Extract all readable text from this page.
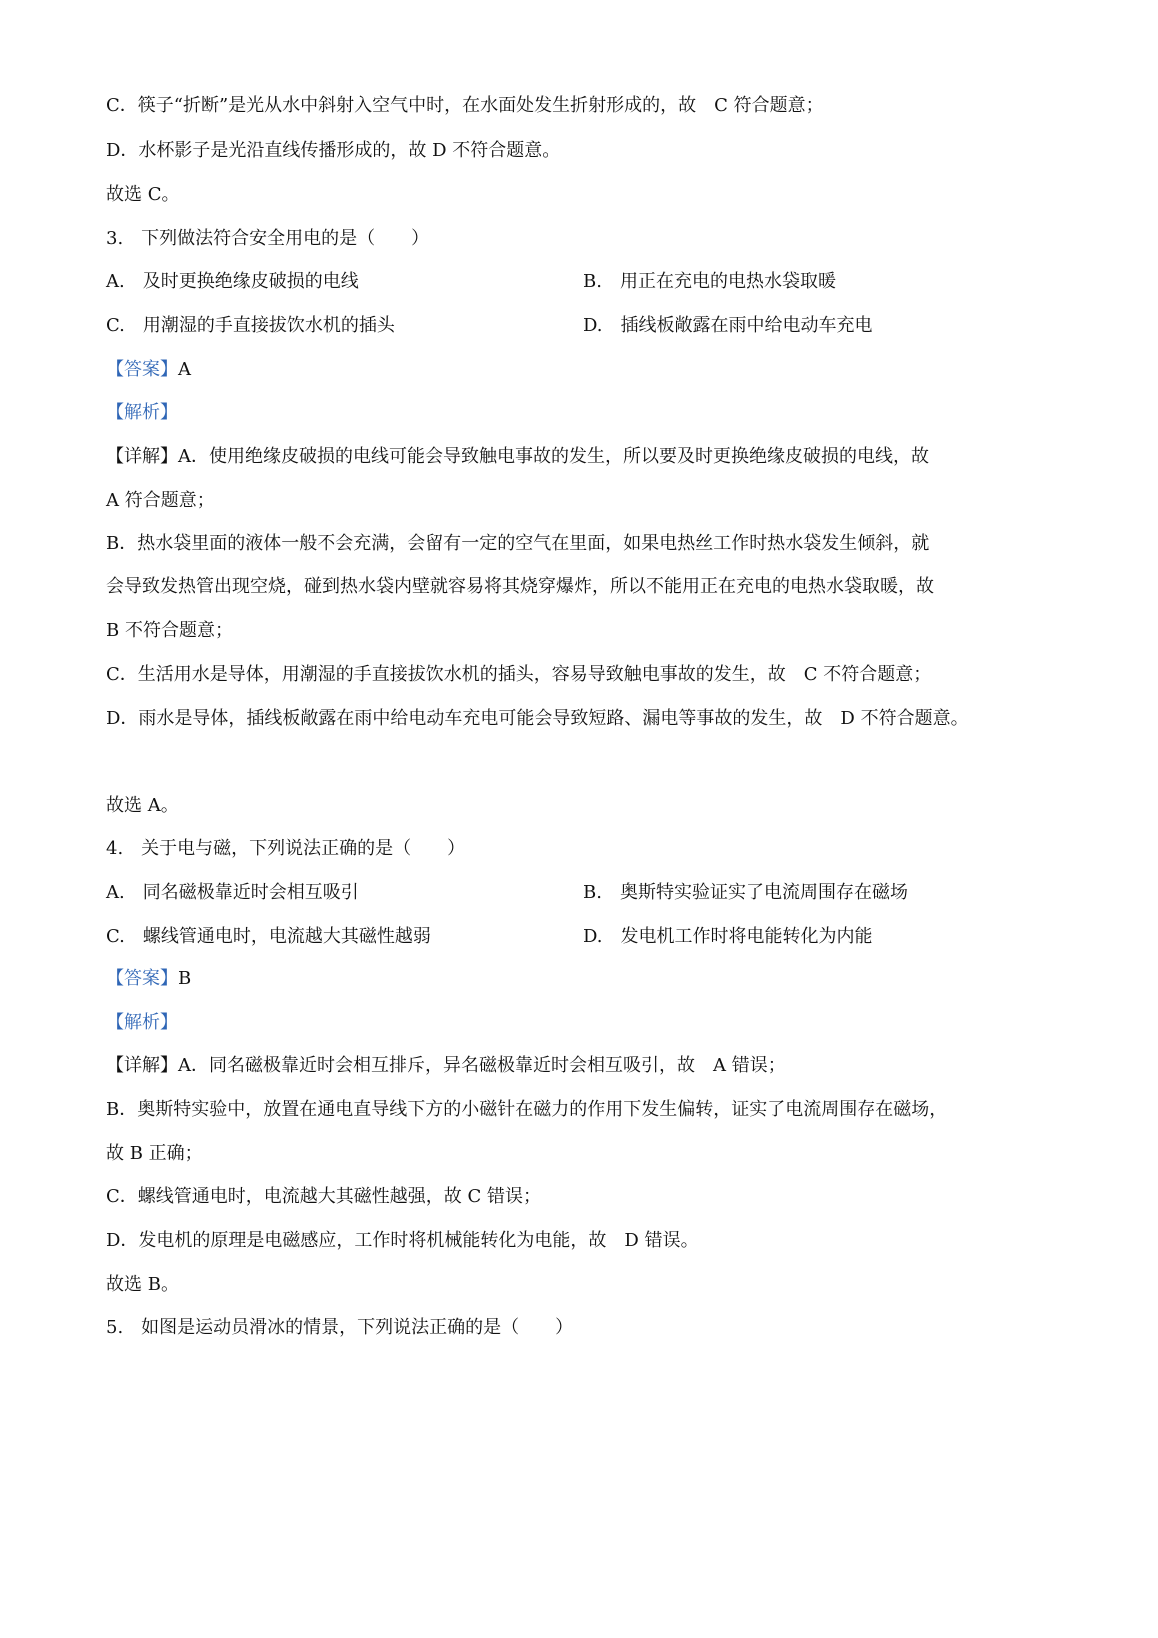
C．筷子“折断”是光从水中斜射入空气中时，在水面处发生折射形成的，故　C 符合题意；
D．水杯影子是光沿直线传播形成的，故 D 不符合题意。
故选 C。
3.　下列做法符合安全用电的是（　　）
A.　及时更换绝缘皮破损的电线	B.　用正在充电的电热水袋取暖
C.　用潮湿的手直接拔饮水机的插头	D.　插线板敞露在雨中给电动车充电
【答案】A
【解析】
【详解】A．使用绝缘皮破损的电线可能会导致触电事故的发生，所以要及时更换绝缘皮破损的电线，故
A 符合题意；
B．热水袋里面的液体一般不会充满，会留有一定的空气在里面，如果电热丝工作时热水袋发生倾斜，就
会导致发热管出现空烧，碰到热水袋内壁就容易将其烧穿爆炸，所以不能用正在充电的电热水袋取暖，故
B 不符合题意；
C．生活用水是导体，用潮湿的手直接拔饮水机的插头，容易导致触电事故的发生，故　C 不符合题意；
D．雨水是导体，插线板敞露在雨中给电动车充电可能会导致短路、漏电等事故的发生，故　D 不符合题意。
故选 A。
4.　关于电与磁，下列说法正确的是（　　）
A.　同名磁极靠近时会相互吸引	B.　奥斯特实验证实了电流周围存在磁场
C.　螺线管通电时，电流越大其磁性越弱	D.　发电机工作时将电能转化为内能
【答案】B
【解析】
【详解】A．同名磁极靠近时会相互排斥，异名磁极靠近时会相互吸引，故　A 错误；
B．奥斯特实验中，放置在通电直导线下方的小磁针在磁力的作用下发生偏转，证实了电流周围存在磁场，
故 B 正确；
C．螺线管通电时，电流越大其磁性越强，故 C 错误；
D．发电机的原理是电磁感应，工作时将机械能转化为电能，故　D 错误。
故选 B。
5.　如图是运动员滑冰的情景，下列说法正确的是（　　）
